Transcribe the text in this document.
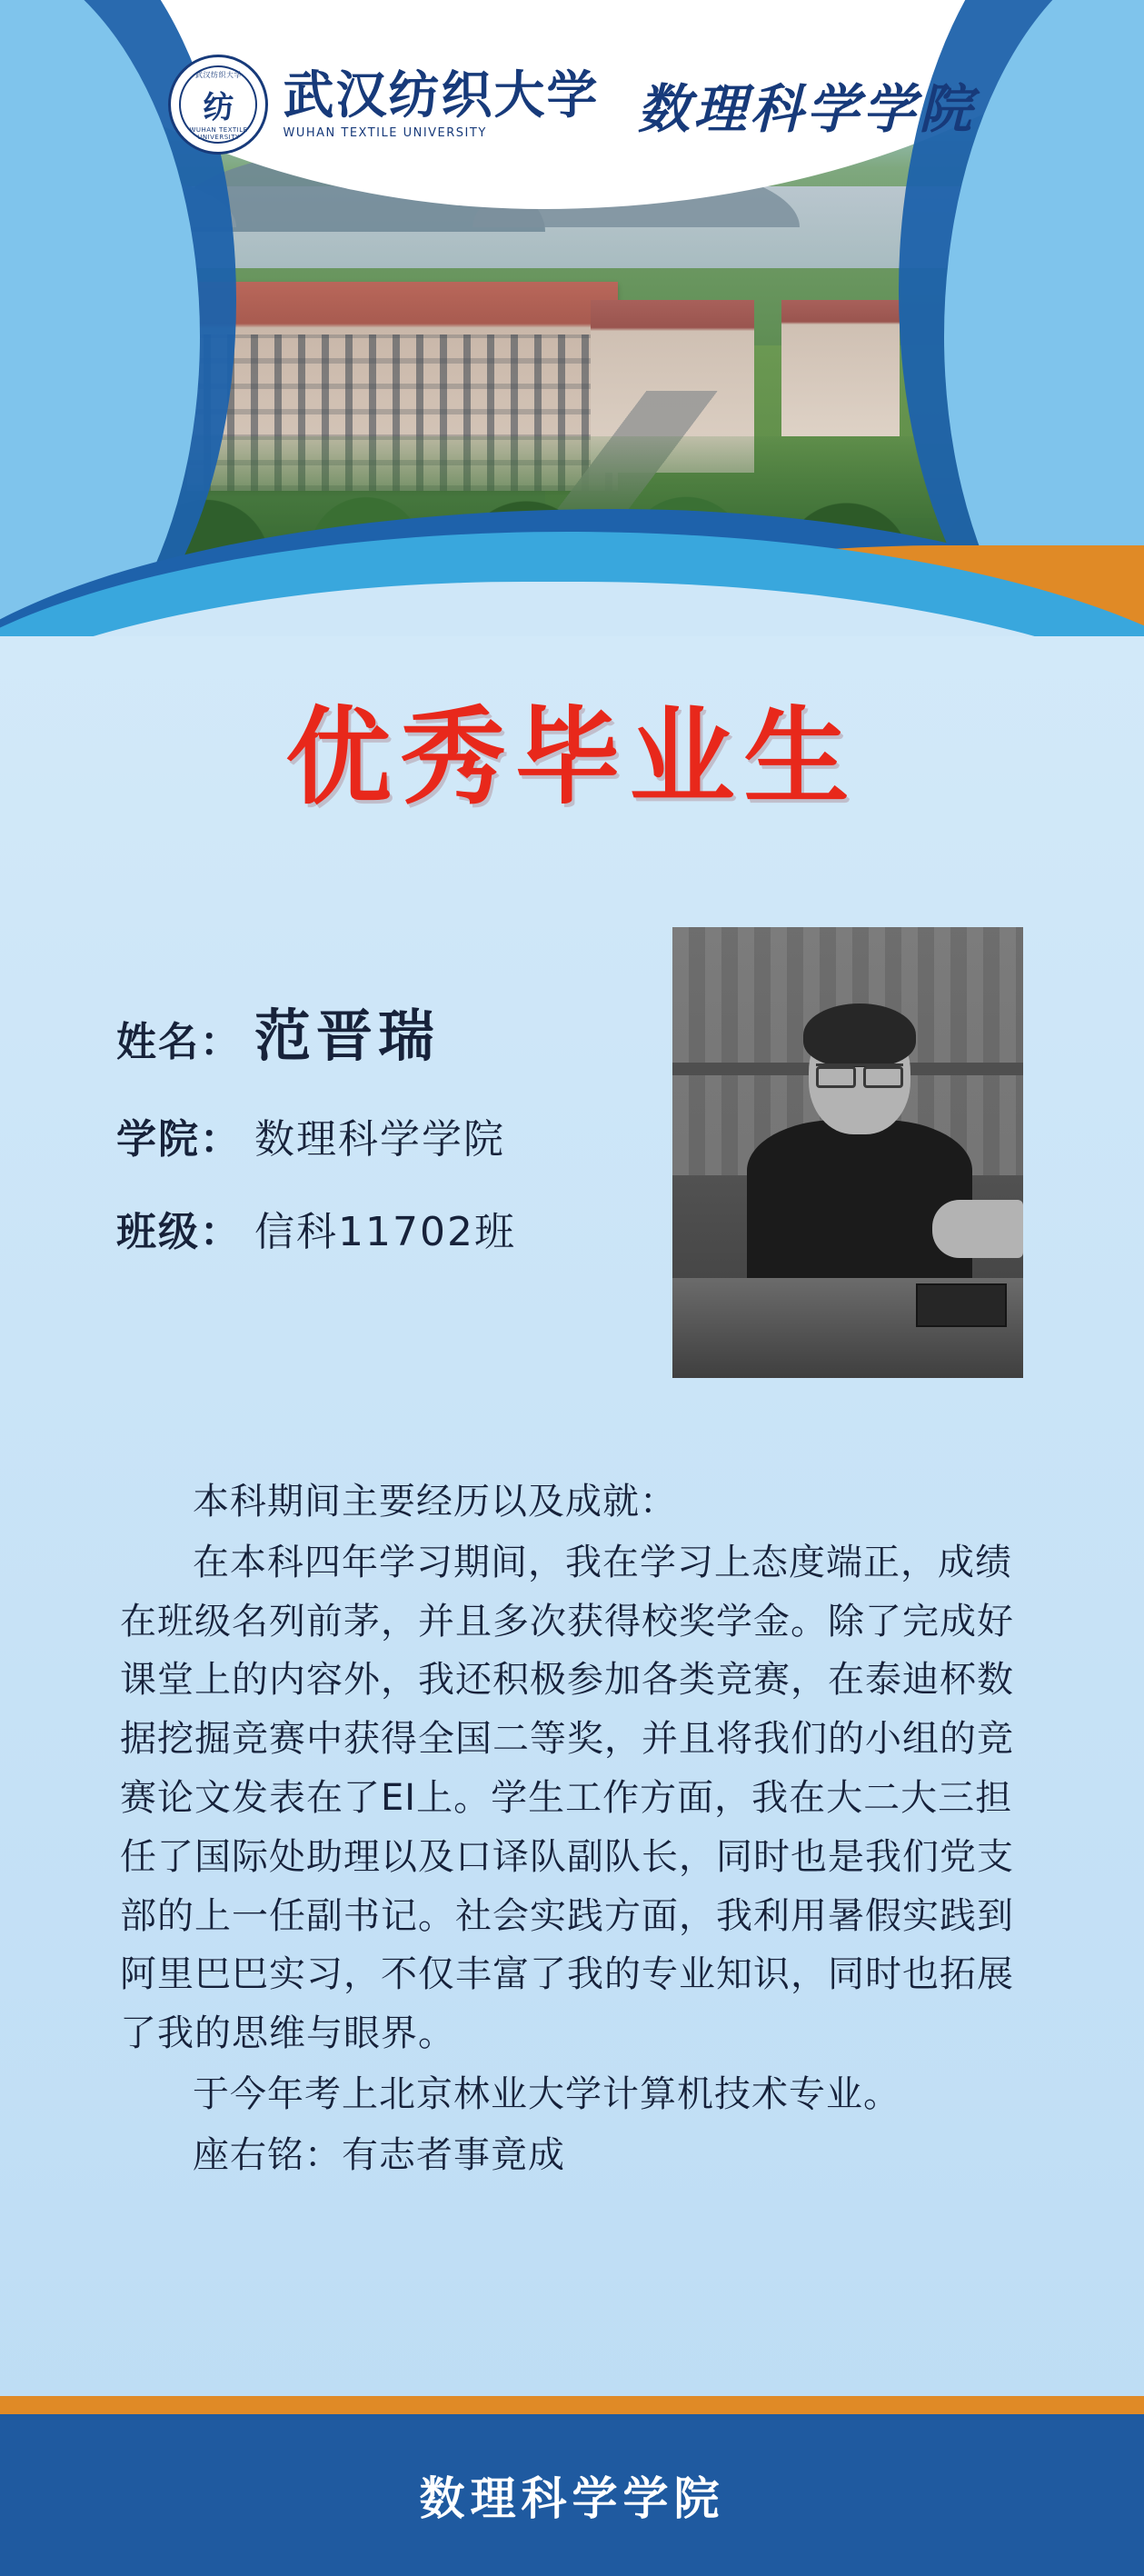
武汉纺织大学
纺
WUHAN TEXTILE UNIVERSITY
武汉纺织大学
WUHAN TEXTILE UNIVERSITY	数理科学学院
优秀毕业生
姓名： 范晋瑞
学院： 数理科学学院
班级： 信科11702班

本科期间主要经历以及成就：

在本科四年学习期间，我在学习上态度端正，成绩在班级名列前茅，并且多次获得校奖学金。除了完成好课堂上的内容外，我还积极参加各类竞赛，在泰迪杯数据挖掘竞赛中获得全国二等奖，并且将我们的小组的竞赛论文发表在了EI上。学生工作方面，我在大二大三担任了国际处助理以及口译队副队长，同时也是我们党支部的上一任副书记。社会实践方面，我利用暑假实践到阿里巴巴实习，不仅丰富了我的专业知识，同时也拓展了我的思维与眼界。

于今年考上北京林业大学计算机技术专业。

座右铭：有志者事竟成

数理科学学院
